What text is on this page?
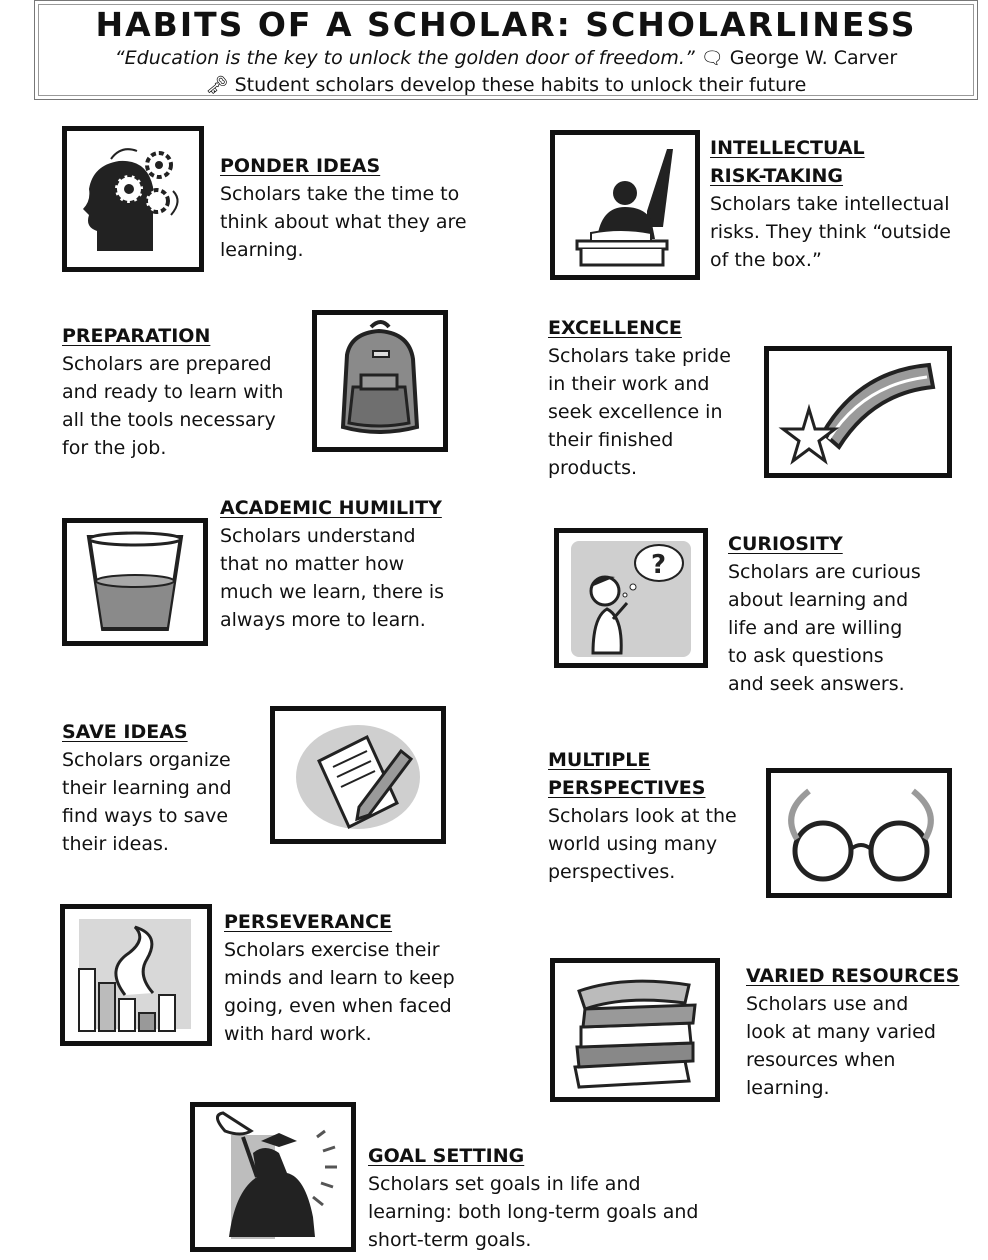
HABITS OF A SCHOLAR: SCHOLARLINESS
“Education is the key to unlock the golden door of freedom.” 🗨 George W. Carver
🗝 Student scholars develop these habits to unlock their future
PONDER IDEAS
Scholars take the time to
think about what they are
learning.
INTELLECTUAL
RISK-TAKING
Scholars take intellectual
risks. They think “outside
of the box.”
PREPARATION
Scholars are prepared
and ready to learn with
all the tools necessary
for the job.
EXCELLENCE
Scholars take pride
in their work and
seek excellence in
their finished
products.
ACADEMIC HUMILITY
Scholars understand
that no matter how
much we learn, there is
always more to learn.
?
CURIOSITY
Scholars are curious
about learning and
life and are willing
to ask questions
and seek answers.
SAVE IDEAS
Scholars organize
their learning and
find ways to save
their ideas.
MULTIPLE
PERSPECTIVES
Scholars look at the
world using many
perspectives.
PERSEVERANCE
Scholars exercise their
minds and learn to keep
going, even when faced
with hard work.
VARIED RESOURCES
Scholars use and
look at many varied
resources when
learning.
GOAL SETTING
Scholars set goals in life and
learning: both long-term goals and
short-term goals.
